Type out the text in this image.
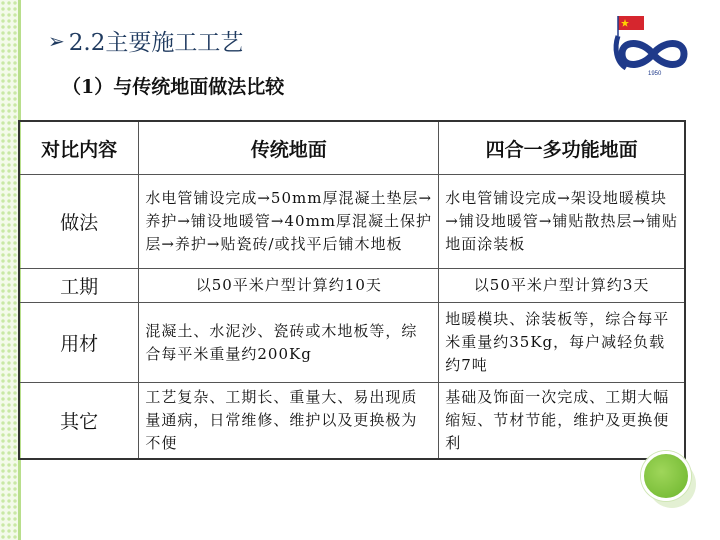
➢ 2.2主要施工工艺
（1）与传统地面做法比较
1950
对比内容	传统地面	四合一多功能地面
做法	水电管铺设完成→50mm厚混凝土垫层→养护→铺设地暖管→40mm厚混凝土保护层→养护→贴瓷砖/或找平后铺木地板	水电管铺设完成→架设地暖模块→铺设地暖管→铺贴散热层→铺贴地面涂装板
工期	以50平米户型计算约10天	以50平米户型计算约3天
用材	混凝土、水泥沙、瓷砖或木地板等，综合每平米重量约200Kg	地暖模块、涂装板等，综合每平米重量约35Kg，每户减轻负载约7吨
其它	工艺复杂、工期长、重量大、易出现质量通病，日常维修、维护以及更换极为不便	基础及饰面一次完成、工期大幅缩短、节材节能，维护及更换便利
